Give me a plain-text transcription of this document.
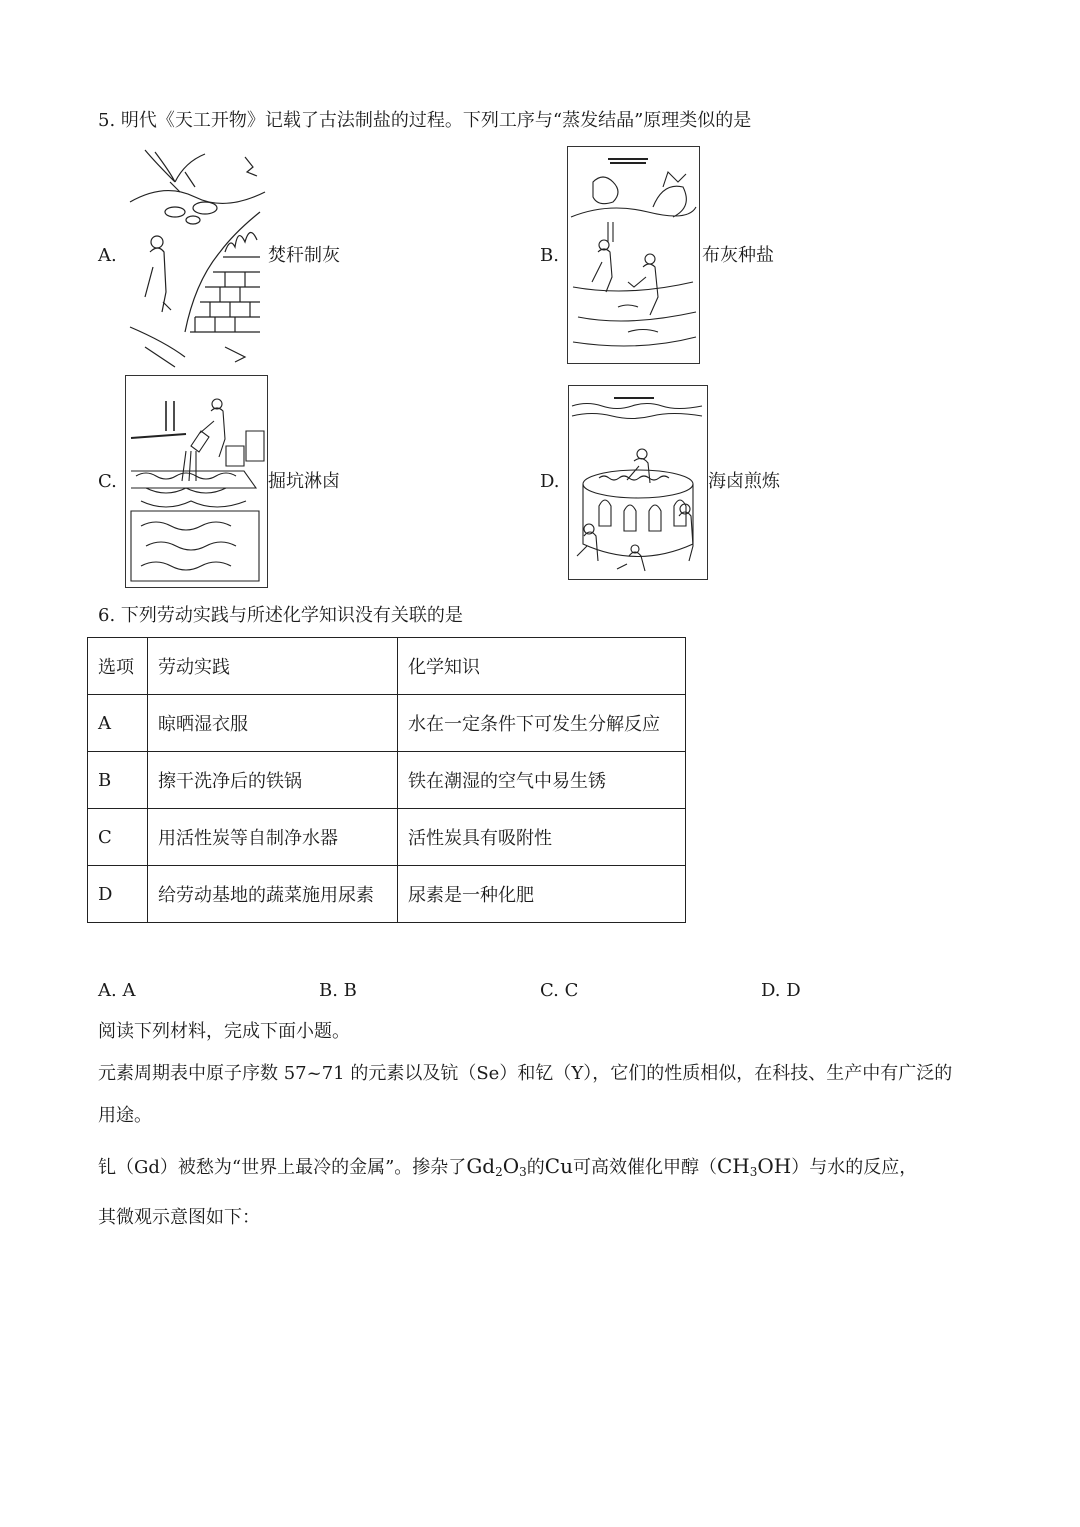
5. 明代《天工开物》记载了古法制盐的过程。下列工序与“蒸发结晶”原理类似的是
A.	焚秆制灰	B.	布灰种盐
C.	掘坑淋卤	D.	海卤煎炼
6. 下列劳动实践与所述化学知识没有关联的是
选项	劳动实践	化学知识
A	晾晒湿衣服	水在一定条件下可发生分解反应
B	擦干洗净后的铁锅	铁在潮湿的空气中易生锈
C	用活性炭等自制净水器	活性炭具有吸附性
D	给劳动基地的蔬菜施用尿素	尿素是一种化肥
A. A	B. B	C. C	D. D
阅读下列材料，完成下面小题。
元素周期表中原子序数 57~71 的元素以及钪（Se）和钇（Y），它们的性质相似，在科技、生产中有广泛的
用途。
钆（Gd）被愁为“世界上最冷的金属”。掺杂了$Gd_2O_3$的Cu可高效催化甲醇$(CH_3OH)$与水的反应，
其微观示意图如下：
